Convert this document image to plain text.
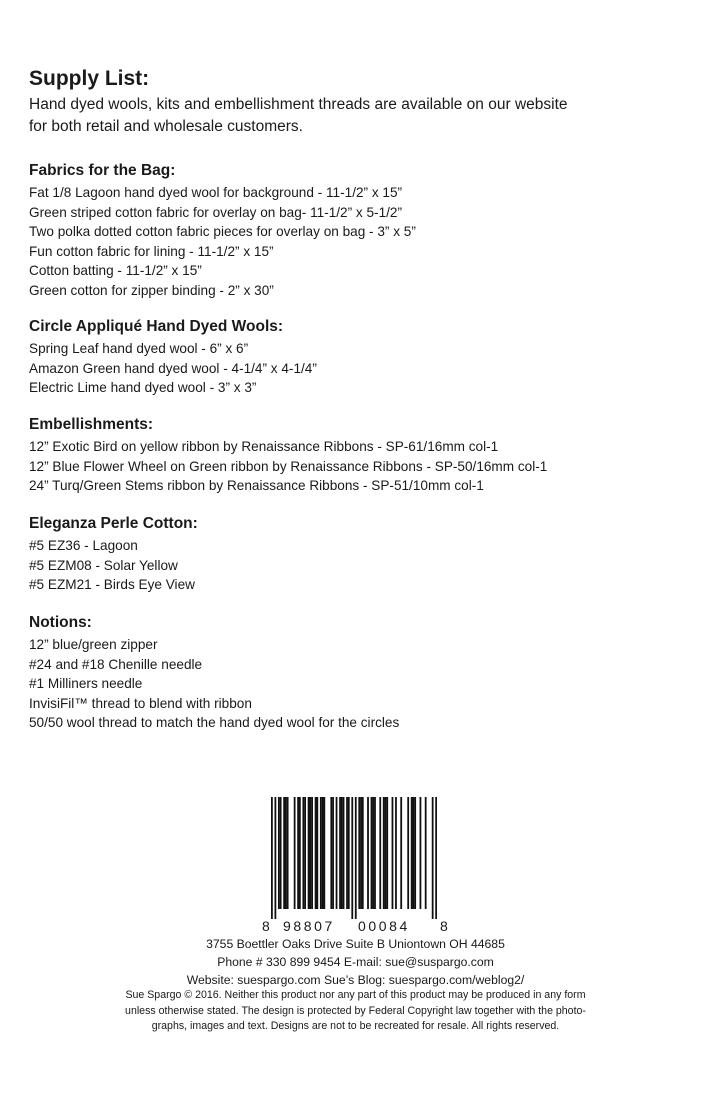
Supply List:
Hand dyed wools, kits and embellishment threads are available on our website
for both retail and wholesale customers.
Fabrics for the Bag:
Fat 1/8 Lagoon hand dyed wool for background - 11-1/2” x 15”
Green striped cotton fabric for overlay on bag- 11-1/2” x 5-1/2”
Two polka dotted cotton fabric pieces for overlay on bag - 3” x 5”
Fun cotton fabric for lining - 11-1/2” x 15”
Cotton batting - 11-1/2” x 15”
Green cotton for zipper binding - 2” x 30”
Circle Appliqué Hand Dyed Wools:
Spring Leaf hand dyed wool - 6” x 6”
Amazon Green hand dyed wool - 4-1/4” x 4-1/4”
Electric Lime hand dyed wool - 3” x 3”
Embellishments:
12” Exotic Bird on yellow ribbon by Renaissance Ribbons - SP-61/16mm col-1
12” Blue Flower Wheel on Green ribbon by Renaissance Ribbons - SP-50/16mm col-1
24” Turq/Green Stems ribbon by Renaissance Ribbons - SP-51/10mm col-1
Eleganza Perle Cotton:
#5 EZ36 - Lagoon
#5 EZM08 - Solar Yellow
#5 EZM21 - Birds Eye View
Notions:
12” blue/green zipper
#24 and #18 Chenille needle
#1 Milliners needle
InvisiFil™ thread to blend with ribbon
50/50 wool thread to match the hand dyed wool for the circles
8 98807 00084 8
3755 Boettler Oaks Drive Suite B Uniontown OH 44685
Phone # 330 899 9454 E-mail: sue@suspargo.com
Website: suespargo.com Sue’s Blog: suespargo.com/weblog2/
Sue Spargo © 2016. Neither this product nor any part of this product may be produced in any form
unless otherwise stated. The design is protected by Federal Copyright law together with the photo-
graphs, images and text. Designs are not to be recreated for resale. All rights reserved.
